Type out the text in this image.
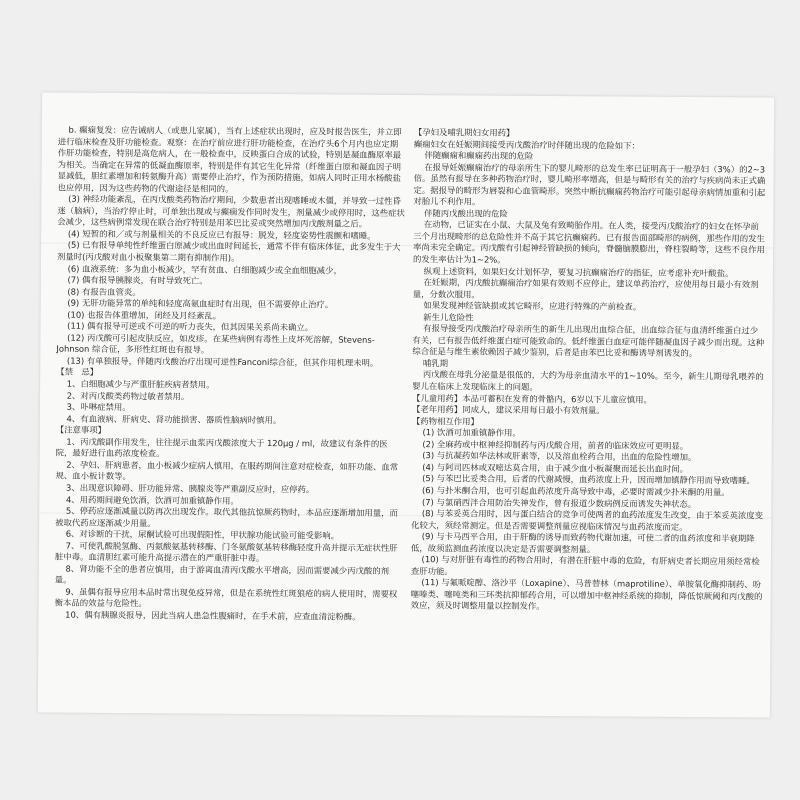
b. 癫痫复发：应告诫病人（或患儿家属），当有上述症状出现时，应及时报告医生，并立即进行临床检查及肝功能检查。观察：在治疗前应进行肝功能检查，在治疗头6个月内也应定期作肝功能检查，特别是高危病人，在一般检查中，反映蛋白合成的试验，特别是凝血酶原率最为相关。当确定在异常的低凝血酶原率，特别是伴有其它生化异常（纤维蛋白原和凝血因子明显减低，胆红素增加和转氨酶升高）需要停止治疗，作为预防措施，如病人同时正用水杨酸盐也应停用，因为这些药物的代谢途径是相同的。

(3) 神经功能紊乱，在丙戊酸类药物治疗期间，少数患者出现嗜睡或木僵，并导致一过性昏迷（脑病），当治疗停止时，可单独出现或与癫痫发作同时发生，剂量减少或停用时，这些症状会减少，这些病例常发现在联合治疗特别是用苯巴比妥或突然增加丙戊酸剂量之后。

(4) 短暂的和／或与剂量相关的不良反应已有报导：脱发，轻度姿势性震颤和嗜睡。

(5) 已有报导单纯性纤维蛋白原减少或出血时间延长，通常不伴有临床体征，此多发生于大剂量时(丙戊酸对血小板聚集第二期有抑制作用)。

(6) 血液系统：多为血小板减少，罕有贫血、白细胞减少或全血细胞减少。

(7) 偶有报导胰腺炎，有时导致死亡。

(8) 有报告血管炎。

(9) 无肝功能异常的单纯和轻度高氨血症时有出现，但不需要停止治疗。

(10) 也报告体重增加，闭经及月经紊乱。

(11) 偶有报导可逆或不可逆的听力丧失，但其因果关系尚未确立。

(12) 丙戊酸可引起皮肤反应，如皮疹。在某些病例有毒性上皮坏死溶解，Stevens-Johnson 综合征，多形性红斑也有报导。

(13) 有单独报导，伴随丙戊酸治疗出现可逆性Fanconi综合征，但其作用机理未明。

【禁　忌】

1、白细胞减少与严重肝脏疾病者禁用。

2、对丙戊酸类药物过敏者禁用。

3、卟啉症禁用。

4、有血液病、肝病史、肾功能损害、器质性脑病时慎用。

【注意事项】

1、丙戊酸副作用发生，往往提示血浆丙戊酸浓度大于 120μg / ml，故建议有条件的医院，最好进行血药浓度检查。

2、孕妇、肝病患者，血小板减少症病人慎用，在服药期间注意对症检查，如肝功能、血常规、血小板计数等。

3、出现意识障碍、肝功能异常、胰腺炎等严重副反应时，应停药。

4、用药期间避免饮酒，饮酒可加重镇静作用。

5、停药应逐渐减量以防再次出现发作。取代其他抗惊厥药物时，本品应逐渐增加用量，而被取代药应逐渐减少用量。

6、对诊断的干扰，尿酮试验可出现假阳性，甲状腺功能试验可能受影响。

7、可使乳酸脱氢酶、丙氨酸氨基转移酶、门冬氨酸氨基转移酶轻度升高并提示无症状性肝脏中毒。血清胆红素可能升高提示潜在的严重肝脏中毒。

8、肾功能不全的患者应慎用，由于游离血清丙戊酸水平增高，因而需要减少丙戊酸的剂量。

9、虽偶有报导应用本品时常出现免疫异常，但是在系统性红斑狼疮的病人使用时，需要权衡本品的效益与危险性。

10、偶有胰腺炎报导，因此当病人患急性腹痛时，在手术前，应查血清淀粉酶。

【孕妇及哺乳期妇女用药】

癫痫妇女在妊娠期间接受丙戊酸治疗时伴随出现的危险如下：

伴随癫痫和癫痫药出现的危险

在报导妊娠癫痫治疗的母亲所生下的婴儿畸形的总发生率已证明高于一般孕妇（3%）的2~3倍。虽然有报导在多种药物治疗时，婴儿畸形率增高，但是与畸形有关的治疗与疾病尚未正式确定。据报导的畸形为唇裂和心血管畸形。突然中断抗癫痫药物治疗可能引起母亲病情加重和引起对胎儿不利作用。

伴随丙戊酸出现的危险

在动物，已证实在小鼠、大鼠及兔有致畸胎作用。在人类，接受丙戊酸治疗的妇女在怀孕前三个月出现畸形的总危险性并不高于其它抗癫痫药。已有报告面部畸形的病例，那些作用的发生率尚未完全确定。丙戊酸有引起神经管缺损的倾向，脊髓脑膜膨出，脊柱裂畸等，这些不良作用的发生率估计为1~2%。

纵观上述资料，如果妇女计划怀孕，要复习抗癫痫治疗的指征，应考虑补充叶酸盐。

在妊娠期，丙戊酸抗癫痫治疗如果有效则不应停止，建议单药治疗，应使用每日最小有效剂量，分数次服用。

如果发现神经管缺损或其它畸形，应进行特殊的产前检查。

新生儿危险性

有报导接受丙戊酸治疗母亲所生的新生儿出现出血综合征，出血综合征与血清纤维蛋白过少有关，已有报告低纤维蛋白症可能致命的。低纤维蛋白血症可能伴随凝血因子减少而出现。这种综合征是与维生素依赖因子减少鉴别，后者是由苯巴比妥和酶诱导剂诱发的。

哺乳期

丙戊酸在母乳分泌量是很低的，大约为母亲血清水平的1~10%。至今，新生儿期母乳喂养的婴儿在临床上发现临床上的问题。

【儿童用药】本品可蓄积在发育的骨骼内，6岁以下儿童应慎用。

【老年用药】同成人，建议采用每日最小有效剂量。

【药物相互作用】

(1) 饮酒可加重镇静作用。

(2) 全麻药或中枢神经抑制药与丙戊酸合用，前者的临床效应可更明显。

(3) 与抗凝药如华法林或肝素等，以及溶血栓药合用，出血的危险性增加。

(4) 与阿司匹林或双嘧达莫合用，由于减少血小板凝聚而延长出血时间。

(5) 与苯巴比妥类合用，后者的代谢减慢，血药浓度上升，因而增加镇静作用而导致嗜睡。

(6) 与扑米酮合用，也可引起血药浓度升高导致中毒，必要时需减少扑米酮的用量。

(7) 与氯硝西泮合用防治失神发作，曾有报道少数病例反而诱发失神状态。

(8) 与苯妥英合用时，因与蛋白结合的竞争可使两者的血药浓度发生改变，由于苯妥英浓度变化较大，须经常测定。但是否需要调整剂量应视临床情况与血药浓度而定。

(9) 与卡马西平合用，由于肝酶的诱导而致药物代谢加速，可使二者的血药浓度和半衰期降低，故须监测血药浓度以决定是否需要调整剂量。

(10) 与对肝脏有毒性的药物合用时，有潜在肝脏中毒的危险，有肝病史者长期应用须经常检查肝功能。

(11) 与氟哌啶醇、洛沙平（Loxapine）、马普替林（maprotiline）、单胺氧化酶抑制药、吩噻嗪类、噻吨类和三环类抗抑郁药合用，可以增加中枢神经系统的抑制，降低惊厥阈和丙戊酸的效应，须及时调整用量以控制发作。
